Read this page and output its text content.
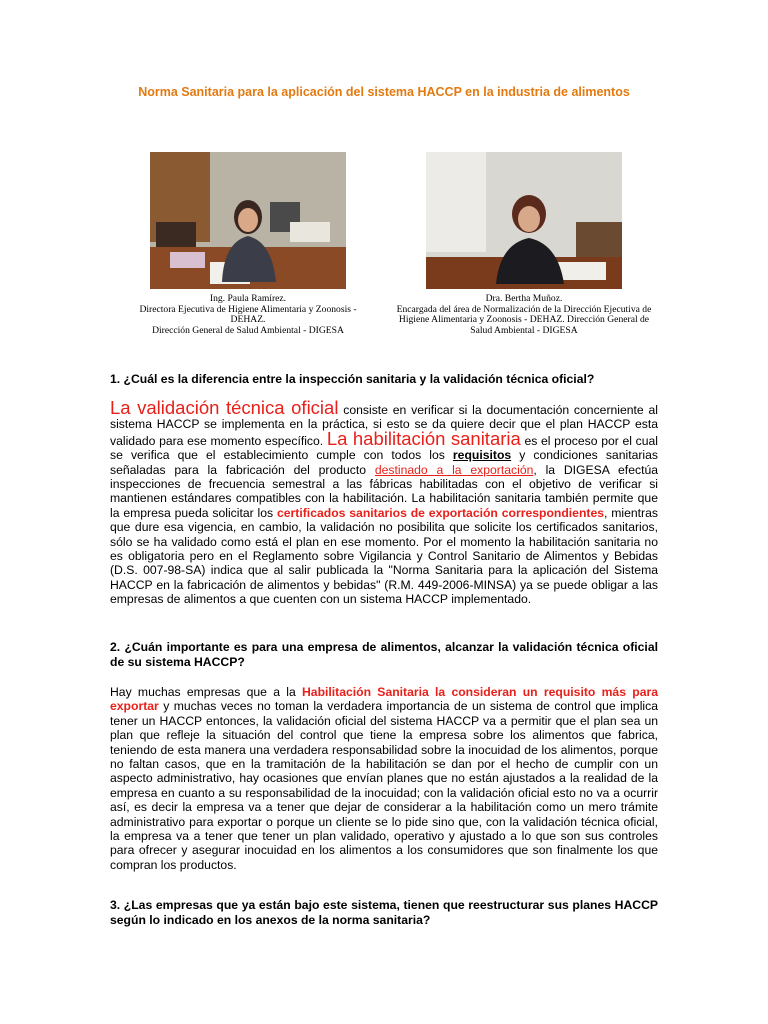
Norma Sanitaria para la aplicación del sistema HACCP en la industria de alimentos
Ing. Paula Ramírez.
Directora Ejecutiva de Higiene Alimentaria y Zoonosis - DEHAZ.
Dirección General de Salud Ambiental - DIGESA
Dra. Bertha Muñoz.
Encargada del área de Normalización de la Dirección Ejecutiva de Higiene Alimentaria y Zoonosis - DEHAZ. Dirección General de Salud Ambiental - DIGESA
1. ¿Cuál es la diferencia entre la inspección sanitaria y la validación técnica oficial?
La validación técnica oficial consiste en verificar si la documentación concerniente al sistema HACCP se implementa en la práctica, si esto se da quiere decir que el plan HACCP esta validado para ese momento específico. La habilitación sanitaria es el proceso por el cual se verifica que el establecimiento cumple con todos los requisitos y condiciones sanitarias señaladas para la fabricación del producto destinado a la exportación, la DIGESA efectúa inspecciones de frecuencia semestral a las fábricas habilitadas con el objetivo de verificar si mantienen estándares compatibles con la habilitación. La habilitación sanitaria también permite que la empresa pueda solicitar los certificados sanitarios de exportación correspondientes, mientras que dure esa vigencia, en cambio, la validación no posibilita que solicite los certificados sanitarios, sólo se ha validado como está el plan en ese momento. Por el momento la habilitación sanitaria no es obligatoria pero en el Reglamento sobre Vigilancia y Control Sanitario de Alimentos y Bebidas (D.S. 007-98-SA) indica que al salir publicada la "Norma Sanitaria para la aplicación del Sistema HACCP en la fabricación de alimentos y bebidas" (R.M. 449-2006-MINSA) ya se puede obligar a las empresas de alimentos a que cuenten con un sistema HACCP implementado.
2. ¿Cuán importante es para una empresa de alimentos, alcanzar la validación técnica oficial de su sistema HACCP?
Hay muchas empresas que a la Habilitación Sanitaria la consideran un requisito más para exportar y muchas veces no toman la verdadera importancia de un sistema de control que implica tener un HACCP entonces, la validación oficial del sistema HACCP va a permitir que el plan sea un plan que refleje la situación del control que tiene la empresa sobre los alimentos que fabrica, teniendo de esta manera una verdadera responsabilidad sobre la inocuidad de los alimentos, porque no faltan casos, que en la tramitación de la habilitación se dan por el hecho de cumplir con un aspecto administrativo, hay ocasiones que envían planes que no están ajustados a la realidad de la empresa en cuanto a su responsabilidad de la inocuidad; con la validación oficial esto no va a ocurrir así, es decir la empresa va a tener que dejar de considerar a la habilitación como un mero trámite administrativo para exportar o porque un cliente se lo pide sino que, con la validación técnica oficial, la empresa va a tener que tener un plan validado, operativo y ajustado a lo que son sus controles para ofrecer y asegurar inocuidad en los alimentos a los consumidores que son finalmente los que compran los productos.
3. ¿Las empresas que ya están bajo este sistema, tienen que reestructurar sus planes HACCP según lo indicado en los anexos de la norma sanitaria?
